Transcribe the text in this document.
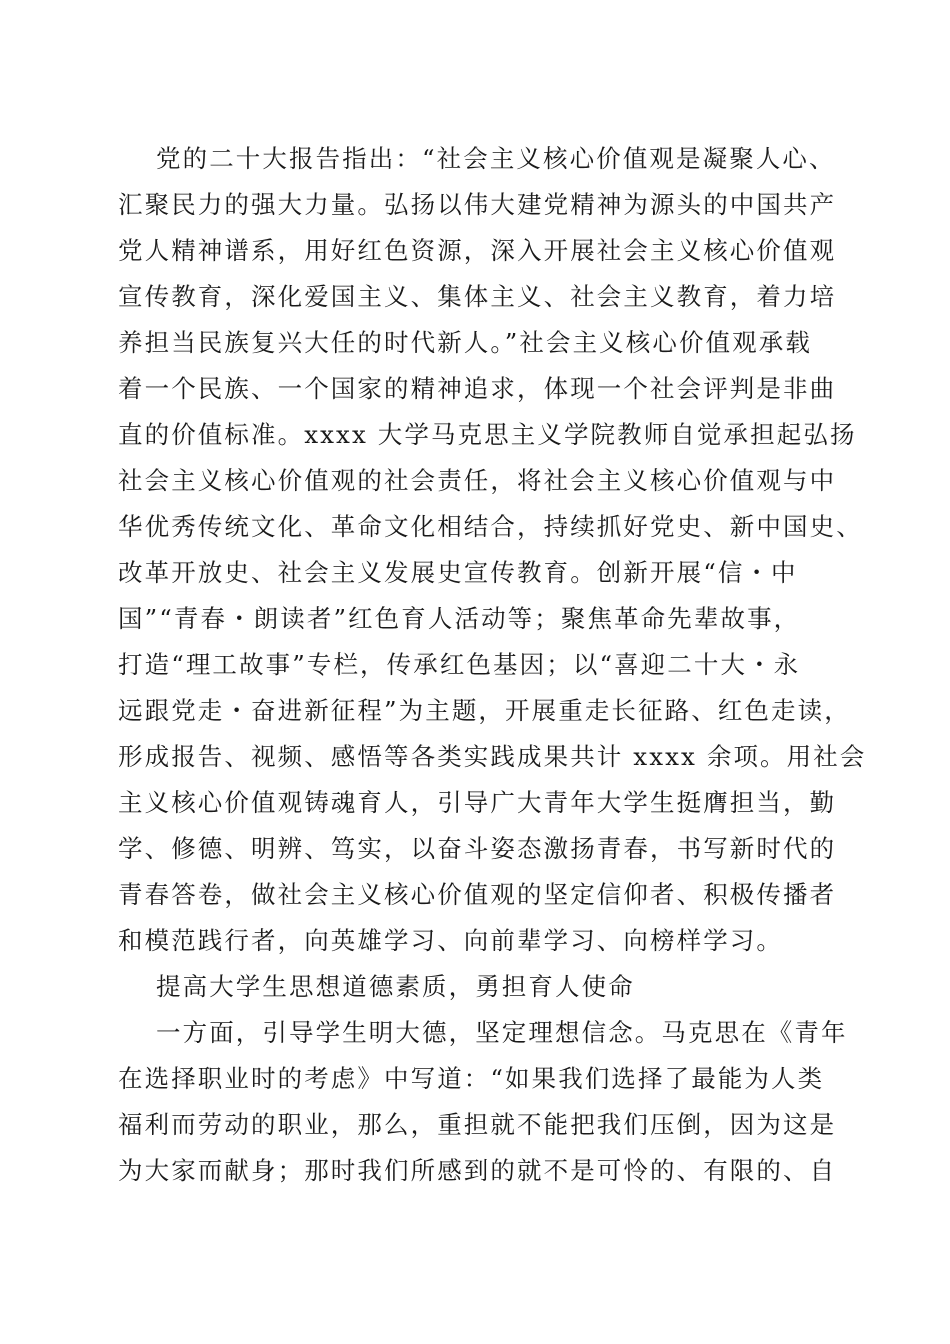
党的二十大报告指出：“社会主义核心价值观是凝聚人心、
汇聚民力的强大力量。弘扬以伟大建党精神为源头的中国共产
党人精神谱系，用好红色资源，深入开展社会主义核心价值观
宣传教育，深化爱国主义、集体主义、社会主义教育，着力培
养担当民族复兴大任的时代新人。”社会主义核心价值观承载
着一个民族、一个国家的精神追求，体现一个社会评判是非曲
直的价值标准。xxxx 大学马克思主义学院教师自觉承担起弘扬
社会主义核心价值观的社会责任，将社会主义核心价值观与中
华优秀传统文化、革命文化相结合，持续抓好党史、新中国史、
改革开放史、社会主义发展史宣传教育。创新开展“信・中
国”“青春・朗读者”红色育人活动等；聚焦革命先辈故事，
打造“理工故事”专栏，传承红色基因；以“喜迎二十大・永
远跟党走・奋进新征程”为主题，开展重走长征路、红色走读，
形成报告、视频、感悟等各类实践成果共计 xxxx 余项。用社会
主义核心价值观铸魂育人，引导广大青年大学生挺膺担当，勤
学、修德、明辨、笃实，以奋斗姿态激扬青春，书写新时代的
青春答卷，做社会主义核心价值观的坚定信仰者、积极传播者
和模范践行者，向英雄学习、向前辈学习、向榜样学习。
提高大学生思想道德素质，勇担育人使命
一方面，引导学生明大德，坚定理想信念。马克思在《青年
在选择职业时的考虑》中写道：“如果我们选择了最能为人类
福利而劳动的职业，那么，重担就不能把我们压倒，因为这是
为大家而献身；那时我们所感到的就不是可怜的、有限的、自
